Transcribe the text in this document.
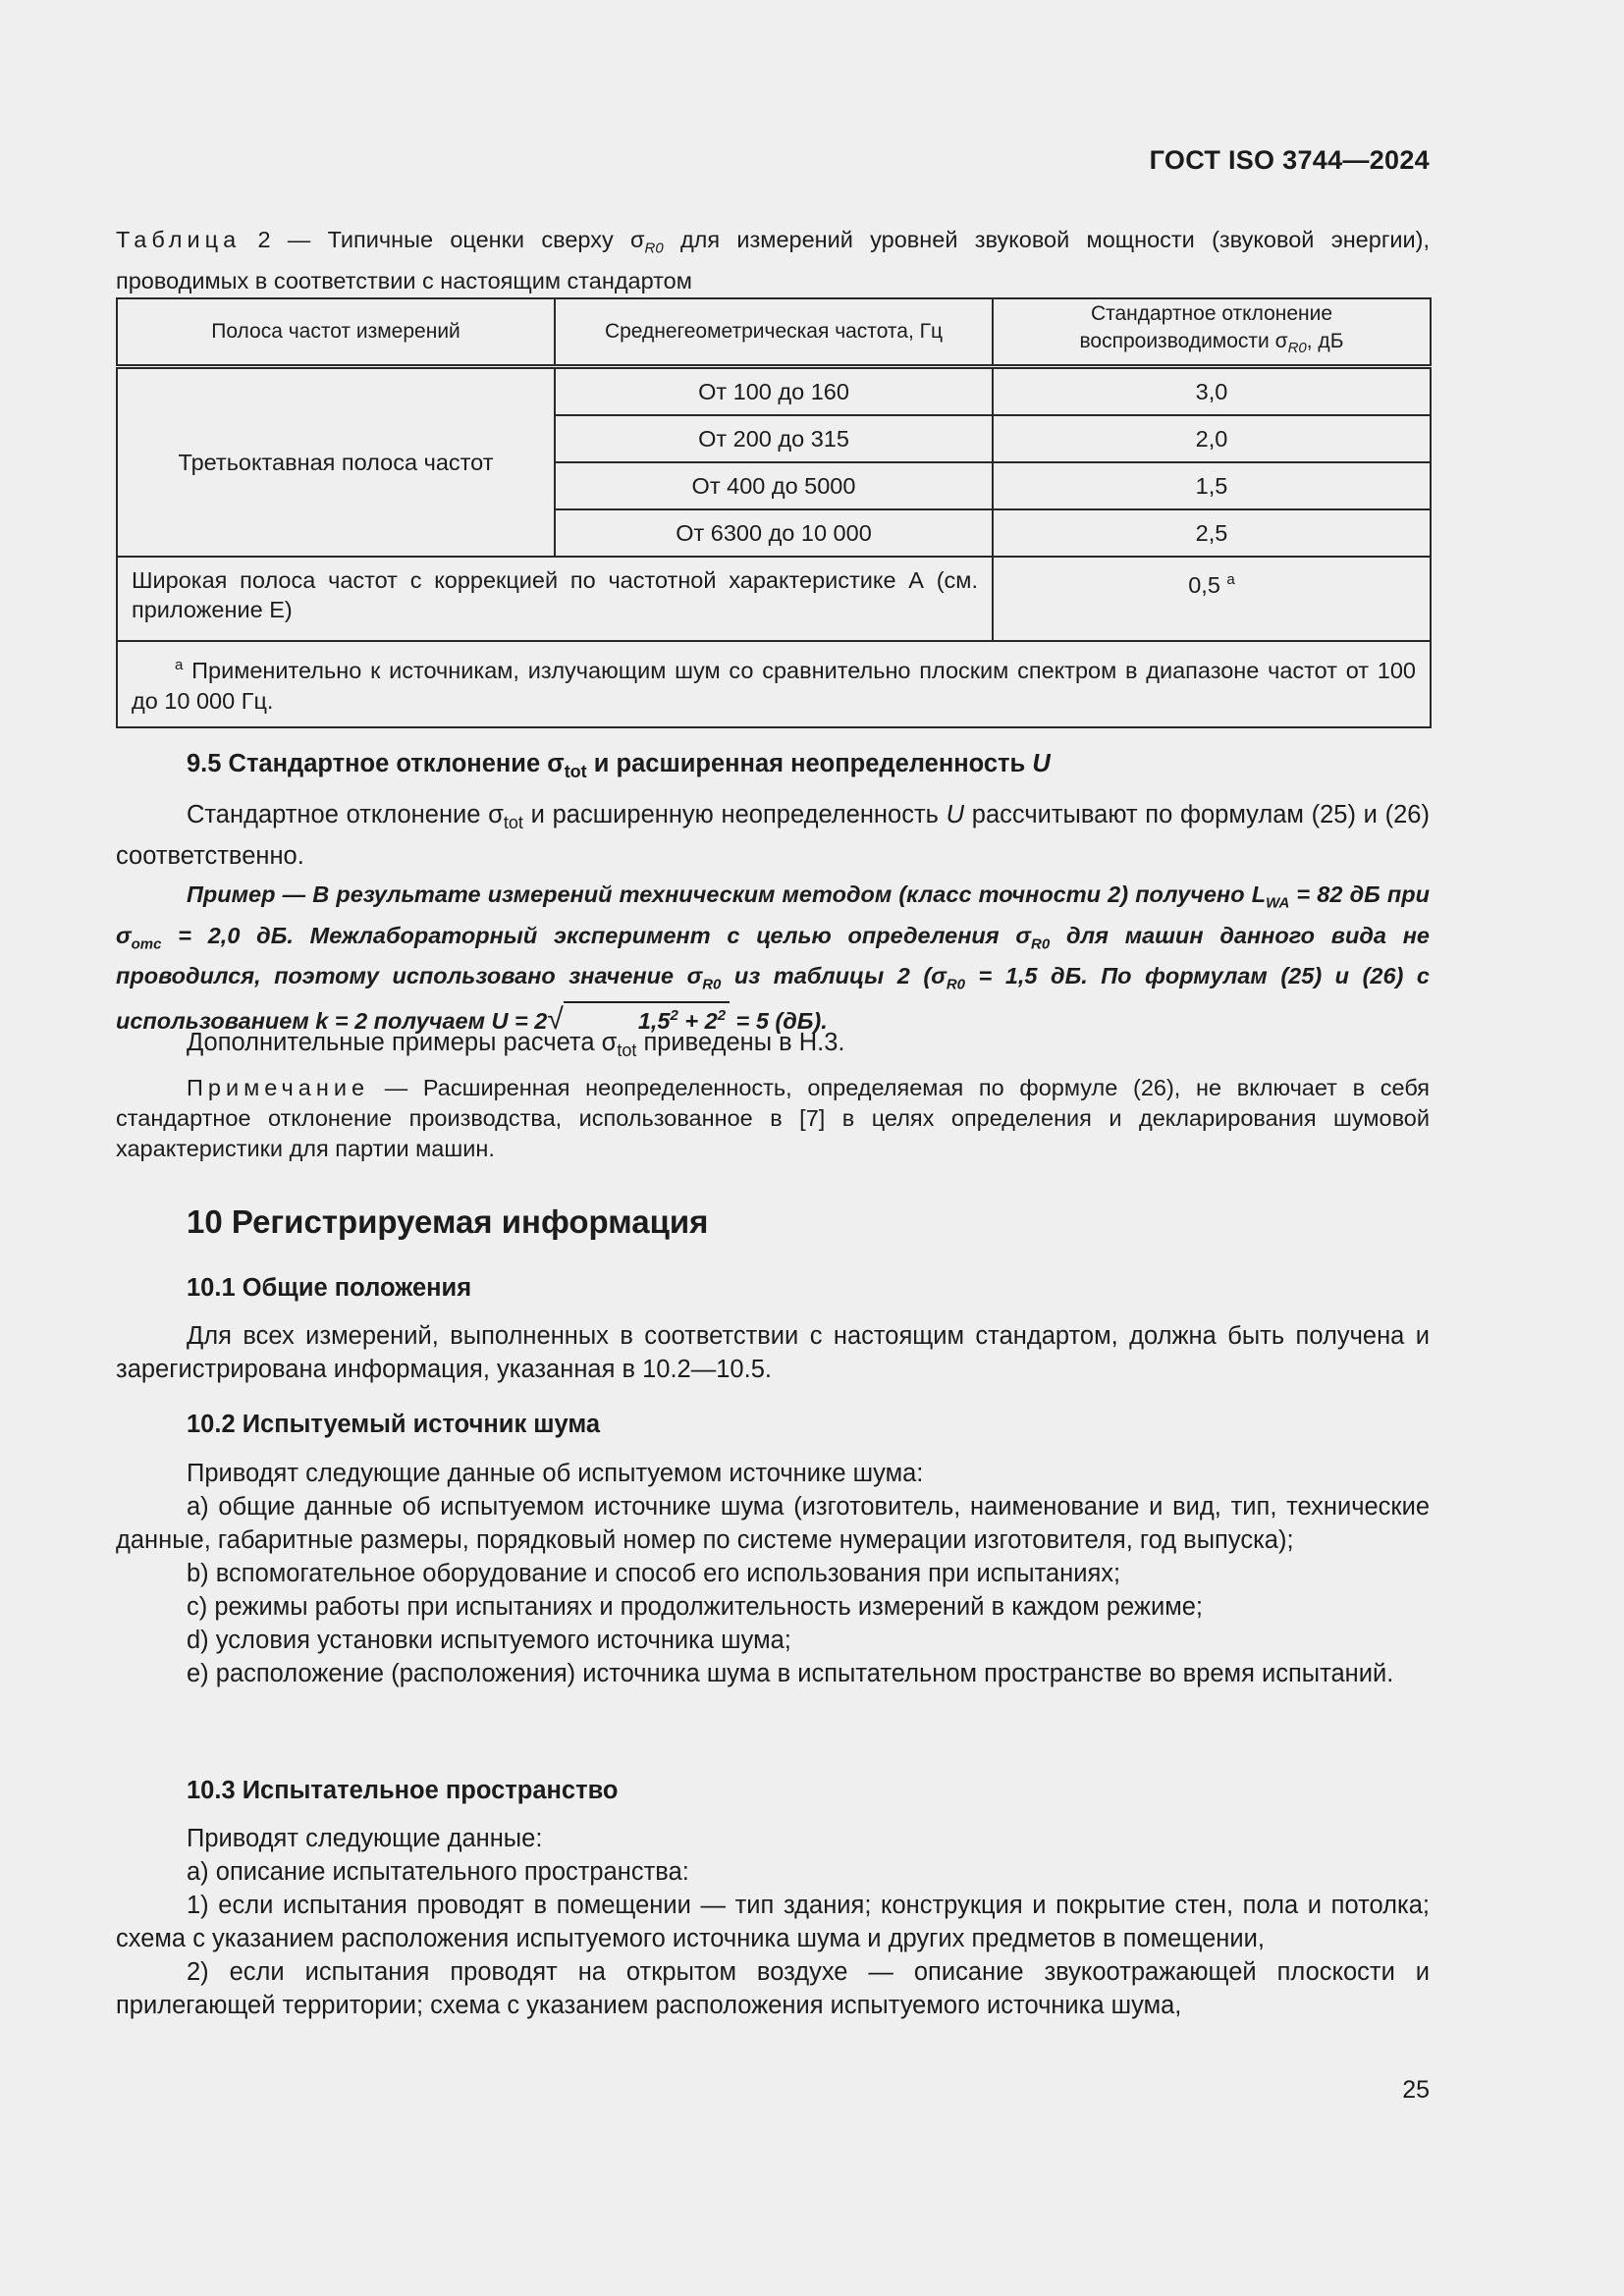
ГОСТ ISO 3744—2024
Таблица 2 — Типичные оценки сверху $\sigma_{R0}$ для измерений уровней звуковой мощности (звуковой энергии), проводимых в соответствии с настоящим стандартом
Полоса частот измерений	Среднегеометрическая частота, Гц	Стандартное отклонение
воспроизводимости $\sigma_{R0}$, дБ
Третьоктавная полоса частот	От 100 до 160	3,0
	От 200 до 315	2,0
	От 400 до 5000	1,5
	От 6300 до 10 000	2,5
Широкая полоса частот с коррекцией по частотной характеристике А (см. приложение Е)		0,5 $^a$
$^a$ Применительно к источникам, излучающим шум со сравнительно плоским спектром в диапазоне частот от 100 до 10 000 Гц.		
9.5 Стандартное отклонение $\sigma_{tot}$ и расширенная неопределенность U
Стандартное отклонение $\sigma_{tot}$ и расширенную неопределенность U рассчитывают по формулам (25) и (26) соответственно.
Пример — В результате измерений техническим методом (класс точности 2) получено $L_{WA} = 82$ дБ при $\sigma_{omc} = 2,0$ дБ. Межлабораторный эксперимент с целью определения $\sigma_{R0}$ для машин данного вида не проводился, поэтому использовано значение $\sigma_{R0}$ из таблицы 2 ($\sigma_{R0} = 1,5$ дБ. По формулам (25) и (26) с использованием k = 2 получаем U = 2√	$1,5^2 + 2^2 = 5$ (дБ).
Дополнительные примеры расчета $\sigma_{tot}$ приведены в Н.3.
Примечание — Расширенная неопределенность, определяемая по формуле (26), не включает в себя стандартное отклонение производства, использованное в [7] в целях определения и декларирования шумовой характеристики для партии машин.
10 Регистрируемая информация
10.1 Общие положения
Для всех измерений, выполненных в соответствии с настоящим стандартом, должна быть получена и зарегистрирована информация, указанная в 10.2—10.5.
10.2 Испытуемый источник шума

Приводят следующие данные об испытуемом источнике шума:

a) общие данные об испытуемом источнике шума (изготовитель, наименование и вид, тип, технические данные, габаритные размеры, порядковый номер по системе нумерации изготовителя, год выпуска);

b) вспомогательное оборудование и способ его использования при испытаниях;

c) режимы работы при испытаниях и продолжительность измерений в каждом режиме;

d) условия установки испытуемого источника шума;

e) расположение (расположения) источника шума в испытательном пространстве во время испытаний.

10.3 Испытательное пространство

Приводят следующие данные:

a) описание испытательного пространства:

1) если испытания проводят в помещении — тип здания; конструкция и покрытие стен, пола и потолка; схема с указанием расположения испытуемого источника шума и других предметов в помещении,

2) если испытания проводят на открытом воздухе — описание звукоотражающей плоскости и прилегающей территории; схема с указанием расположения испытуемого источника шума,

25
